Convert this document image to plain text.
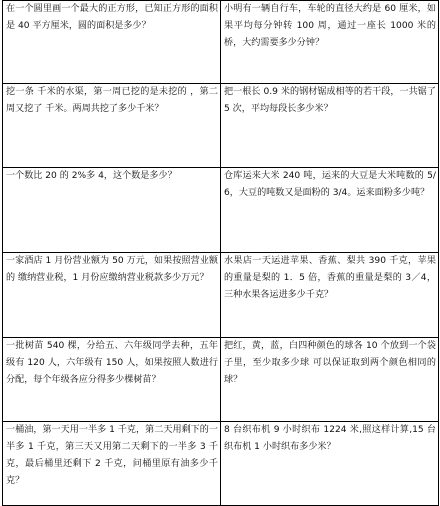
在一个圆里画一个最大的正方形，已知正方形的面积是 40 平方厘米，圆的面积是多少？	小明有一辆自行车，车轮的直径大约是 60 厘米，如果平均每分钟转 100 周，通过一座长 1000 米的桥，大约需要多少分钟？

挖一条 千米的水渠，第一周已挖的是未挖的 ，第二周又挖了 千米。两周共挖了多少千米？	把一根长 0.9 米的钢材锯成相等的若干段，一共锯了 5 次，平均每段长多少米？

一个数比 20 的 2%多 4，这个数是多少？	仓库运来大米 240 吨，运来的大豆是大米吨数的 5/6，大豆的吨数又是面粉的 3/4。运来面粉多少吨？

一家酒店 1 月份营业额为 50 万元，如果按照营业额的 缴纳营业税，1 月份应缴纳营业税款多少万元？	水果店一天运进苹果、香蕉、梨共 390 千克，苹果的重量是梨的 1．5 倍，香蕉的重量是梨的 3／4，三种水果各运进多少千克？

一批树苗 540 棵，分给五、六年级同学去种，五年级有 120 人，六年级有 150 人，如果按照人数进行分配，每个年级各应分得多少棵树苗？	把红，黄，蓝，白四种颜色的球各 10 个放到一个袋子里，至少取多少球 可以保证取到两个颜色相同的球？

一桶油，第一天用一半多 1 千克，第二天用剩下的一半多 1 千克，第三天又用第二天剩下的一半多 3 千克，最后桶里还剩下 2 千克，问桶里原有油多少千克？	8 台织布机 9 小时织布 1224 米,照这样计算,15 台织布机 1 小时织布多少米？
